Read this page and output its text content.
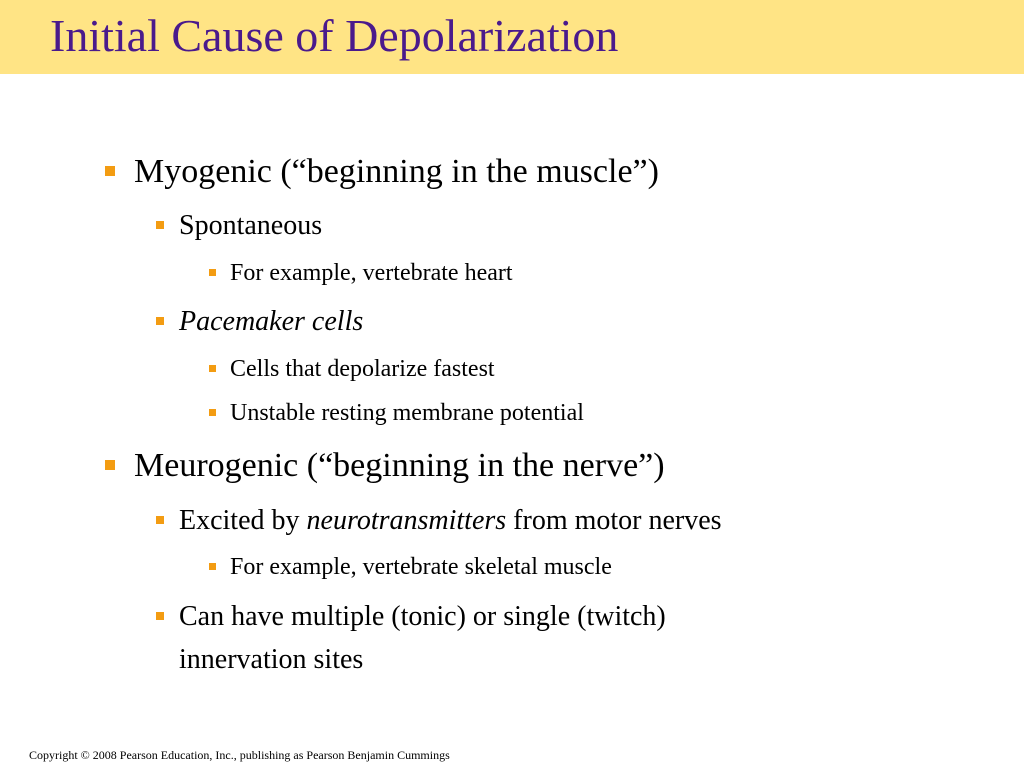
Initial Cause of Depolarization
Myogenic (“beginning in the muscle”)
Spontaneous
For example, vertebrate heart
Pacemaker cells
Cells that depolarize fastest
Unstable resting membrane potential
Meurogenic (“beginning in the nerve”)
Excited by neurotransmitters from motor nerves
For example, vertebrate skeletal muscle
Can have multiple (tonic) or single (twitch)
innervation sites
Copyright © 2008 Pearson Education, Inc., publishing as Pearson Benjamin Cummings
